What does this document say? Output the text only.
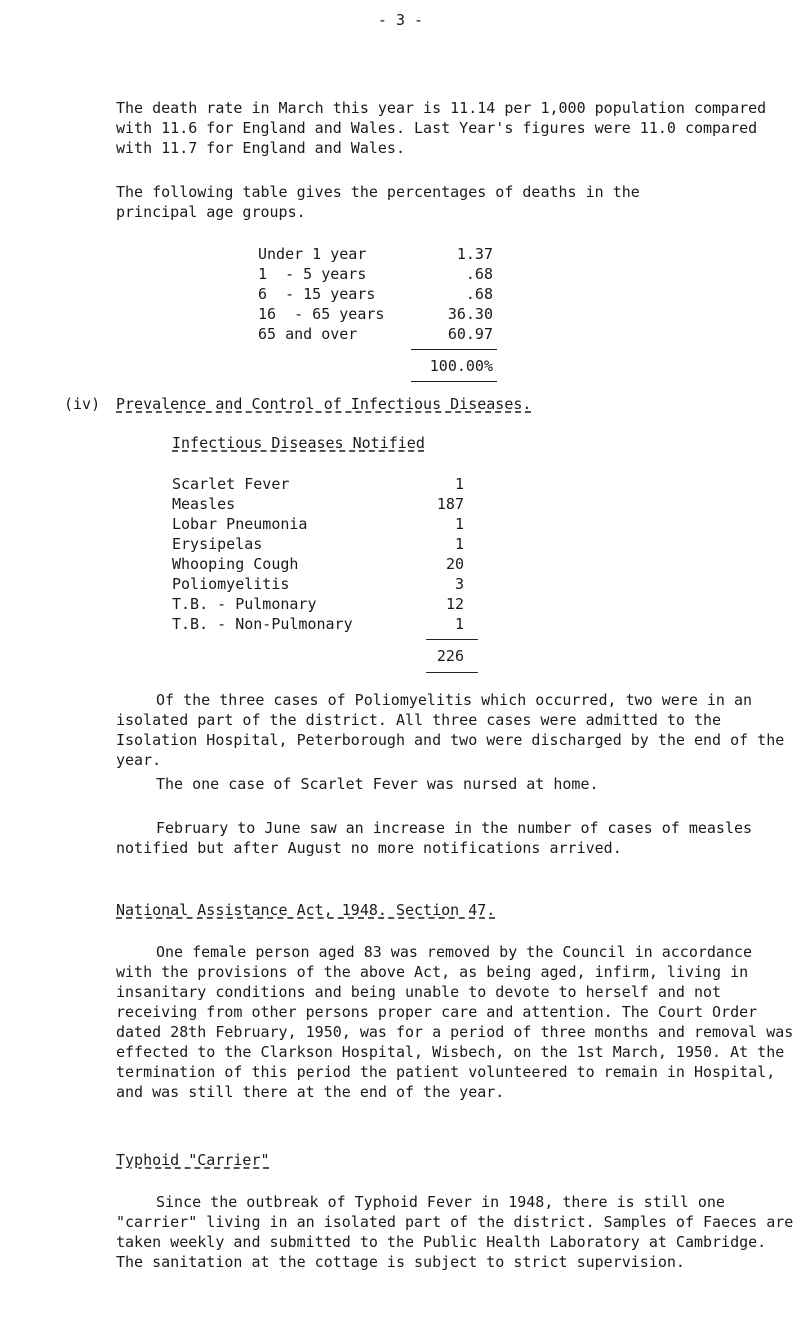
- 3 -
The death rate in March this year is 11.14 per 1,000 population compared with 11.6 for England and Wales. Last Year's figures were 11.0 compared with 11.7 for England and Wales.
The following table gives the percentages of deaths in the principal age groups.
Under 1 year	1.37
1  - 5 years	.68
6  - 15 years	.68
16  - 65 years	36.30
65 and over	60.97
100.00%
(iv) Prevalence and Control of Infectious Diseases.
Infectious Diseases Notified
Scarlet Fever	1
Measles	187
Lobar Pneumonia	1
Erysipelas	1
Whooping Cough	20
Poliomyelitis	3
T.B. - Pulmonary	12
T.B. - Non-Pulmonary	1
226
Of the three cases of Poliomyelitis which occurred, two were in an isolated part of the district. All three cases were admitted to the Isolation Hospital, Peterborough and two were discharged by the end of the year.
The one case of Scarlet Fever was nursed at home.
February to June saw an increase in the number of cases of measles notified but after August no more notifications arrived.
National Assistance Act, 1948. Section 47.
One female person aged 83 was removed by the Council in accordance with the provisions of the above Act, as being aged, infirm, living in insanitary conditions and being unable to devote to herself and not receiving from other persons proper care and attention. The Court Order dated 28th February, 1950, was for a period of three months and removal was effected to the Clarkson Hospital, Wisbech, on the 1st March, 1950. At the termination of this period the patient volunteered to remain in Hospital, and was still there at the end of the year.
Typhoid "Carrier"
Since the outbreak of Typhoid Fever in 1948, there is still one "carrier" living in an isolated part of the district. Samples of Faeces are taken weekly and submitted to the Public Health Laboratory at Cambridge. The sanitation at the cottage is subject to strict supervision.
